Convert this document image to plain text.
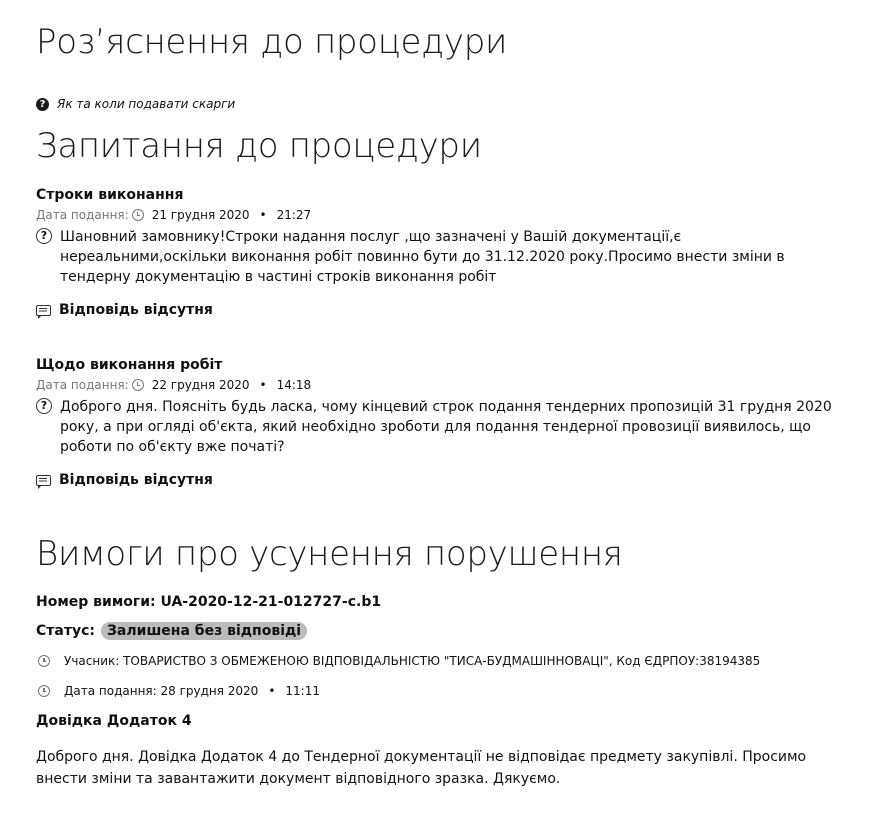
Роз’яснення до процедури
? Як та коли подавати скарги
Запитання до процедури
Строки виконання
Дата подання: 21 грудня 2020 • 21:27
? Шановний замовнику!Строки надання послуг ,що зазначені у Вашій документації,є нереальними,оскільки виконання робіт повинно бути до 31.12.2020 року.Просимо внести зміни в тендерну документацію в частині строків виконання робіт
Відповідь відсутня
Щодо виконання робіт
Дата подання: 22 грудня 2020 • 14:18
? Доброго дня. Поясніть будь ласка, чому кінцевий строк подання тендерних пропозицій 31 грудня 2020 року, а при огляді об'єкта, який необхідно зроботи для подання тендерної провозиції виявилось, що роботи по об'єкту вже початі?
Відповідь відсутня
Вимоги про усунення порушення
Номер вимоги: UA-2020-12-21-012727-c.b1
Статус: Залишена без відповіді
Учасник: ТОВАРИСТВО З ОБМЕЖЕНОЮ ВІДПОВІДАЛЬНІСТЮ "ТИСА-БУДМАШІННОВАЦІ", Код ЄДРПОУ:38194385
Дата подання: 28 грудня 2020 • 11:11
Довідка Додаток 4
Доброго дня. Довідка Додаток 4 до Тендерної документації не відповідає предмету закупівлі. Просимо внести зміни та завантажити документ відповідного зразка. Дякуємо.
